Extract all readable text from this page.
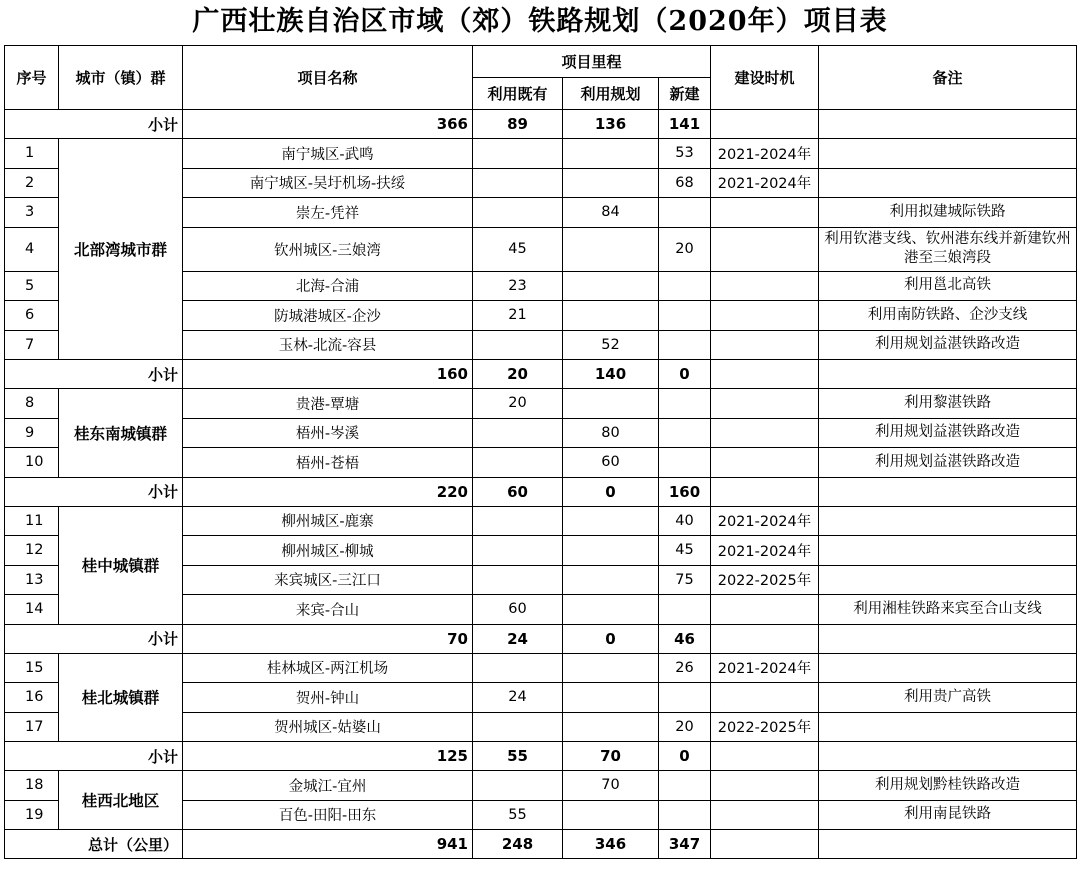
广西壮族自治区市域（郊）铁路规划（2020年）项目表
序号	城市（镇）群	项目名称	项目里程			建设时机	备注
			利用既有	利用规划	新建		
小计		366	89	136	141		
1	北部湾城市群	南宁城区-武鸣			53	2021-2024年	
2		南宁城区-吴圩机场-扶绥			68	2021-2024年	
3		崇左-凭祥		84			利用拟建城际铁路
4		钦州城区-三娘湾	45		20		利用钦港支线、钦州港东线并新建钦州港至三娘湾段
5		北海-合浦	23				利用邕北高铁
6		防城港城区-企沙	21				利用南防铁路、企沙支线
7		玉林-北流-容县		52			利用规划益湛铁路改造
小计		160	20	140	0		
8	桂东南城镇群	贵港-覃塘	20				利用黎湛铁路
9		梧州-岑溪		80			利用规划益湛铁路改造
10		梧州-苍梧		60			利用规划益湛铁路改造
小计		220	60	0	160		
11	桂中城镇群	柳州城区-鹿寨			40	2021-2024年	
12		柳州城区-柳城			45	2021-2024年	
13		来宾城区-三江口			75	2022-2025年	
14		来宾-合山	60				利用湘桂铁路来宾至合山支线
小计		70	24	0	46		
15	桂北城镇群	桂林城区-两江机场			26	2021-2024年	
16		贺州-钟山	24				利用贵广高铁
17		贺州城区-姑婆山			20	2022-2025年	
小计		125	55	70	0		
18	桂西北地区	金城江-宜州		70			利用规划黔桂铁路改造
19		百色-田阳-田东	55				利用南昆铁路
总计（公里）		941	248	346	347		
